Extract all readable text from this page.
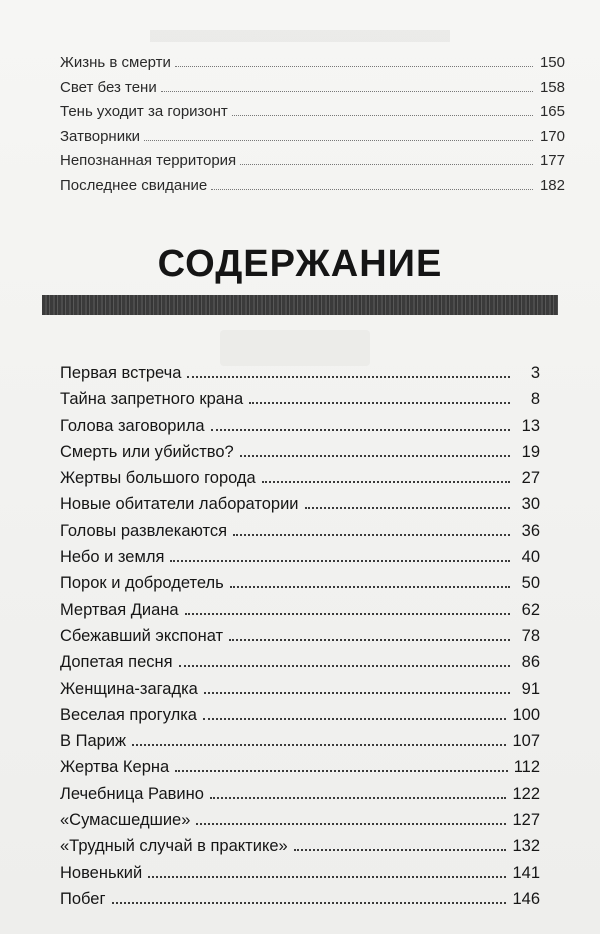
Жизнь в смерти	150
Свет без тени	158
Тень уходит за горизонт	165
Затворники	170
Непознанная территория	177
Последнее свидание	182
СОДЕРЖАНИЕ
Первая встреча	3
Тайна запретного крана	8
Голова заговорила	13
Смерть или убийство?	19
Жертвы большого города	27
Новые обитатели лаборатории	30
Головы развлекаются	36
Небо и земля	40
Порок и добродетель	50
Мертвая Диана	62
Сбежавший экспонат	78
Допетая песня	86
Женщина-загадка	91
Веселая прогулка	100
В Париж	107
Жертва Керна	112
Лечебница Равино	122
«Сумасшедшие»	127
«Трудный случай в практике»	132
Новенький	141
Побег	146
